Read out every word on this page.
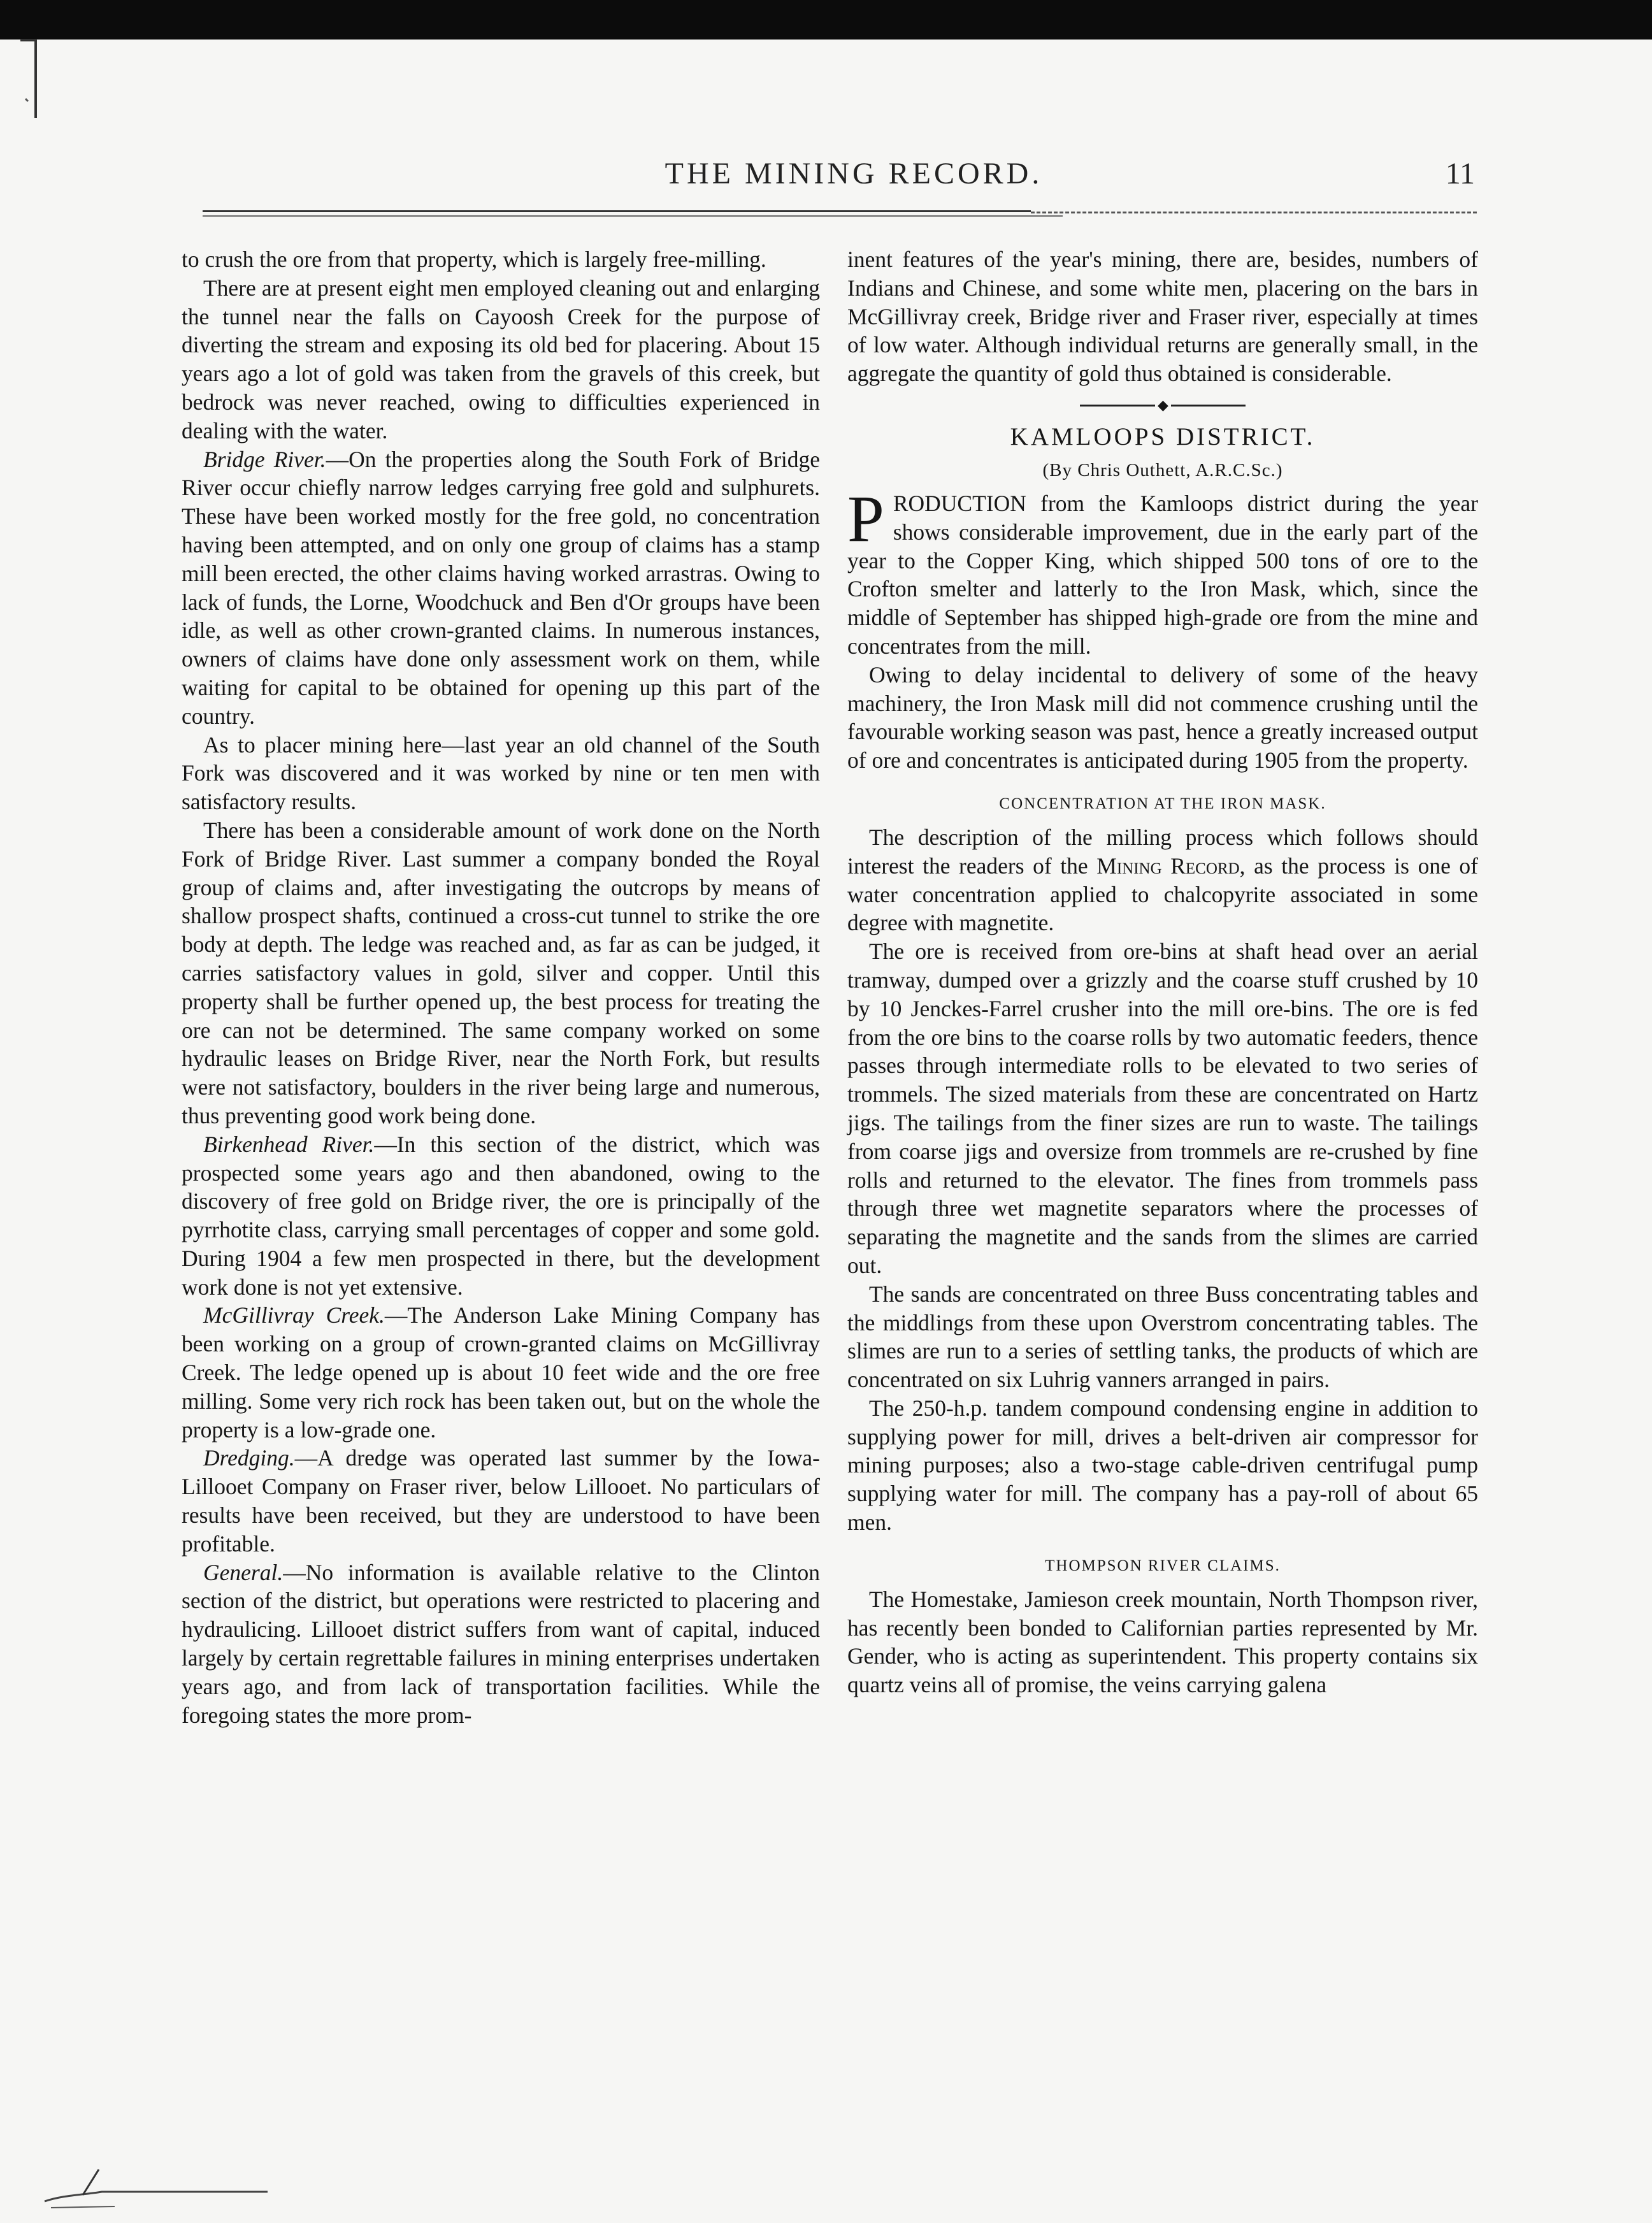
THE MINING RECORD.	11

to crush the ore from that property, which is largely free-milling.

There are at present eight men employed cleaning out and enlarging the tunnel near the falls on Cayoosh Creek for the purpose of diverting the stream and exposing its old bed for placering. About 15 years ago a lot of gold was taken from the gravels of this creek, but bedrock was never reached, owing to difficulties experienced in dealing with the water.

Bridge River.—On the properties along the South Fork of Bridge River occur chiefly narrow ledges carrying free gold and sulphurets. These have been worked mostly for the free gold, no concentration having been attempted, and on only one group of claims has a stamp mill been erected, the other claims having worked arrastras. Owing to lack of funds, the Lorne, Woodchuck and Ben d'Or groups have been idle, as well as other crown-granted claims. In numerous instances, owners of claims have done only assessment work on them, while waiting for capital to be obtained for opening up this part of the country.

As to placer mining here—last year an old channel of the South Fork was discovered and it was worked by nine or ten men with satisfactory results.

There has been a considerable amount of work done on the North Fork of Bridge River. Last summer a company bonded the Royal group of claims and, after investigating the outcrops by means of shallow prospect shafts, continued a cross-cut tunnel to strike the ore body at depth. The ledge was reached and, as far as can be judged, it carries satisfactory values in gold, silver and copper. Until this property shall be further opened up, the best process for treating the ore can not be determined. The same company worked on some hydraulic leases on Bridge River, near the North Fork, but results were not satisfactory, boulders in the river being large and numerous, thus preventing good work being done.

Birkenhead River.—In this section of the district, which was prospected some years ago and then abandoned, owing to the discovery of free gold on Bridge river, the ore is principally of the pyrrhotite class, carrying small percentages of copper and some gold. During 1904 a few men prospected in there, but the development work done is not yet extensive.

McGillivray Creek.—The Anderson Lake Mining Company has been working on a group of crown-granted claims on McGillivray Creek. The ledge opened up is about 10 feet wide and the ore free milling. Some very rich rock has been taken out, but on the whole the property is a low-grade one.

Dredging.—A dredge was operated last summer by the Iowa-Lillooet Company on Fraser river, below Lillooet. No particulars of results have been received, but they are understood to have been profitable.

General.—No information is available relative to the Clinton section of the district, but operations were restricted to placering and hydraulicing. Lillooet district suffers from want of capital, induced largely by certain regrettable failures in mining enterprises undertaken years ago, and from lack of transportation facilities. While the foregoing states the more prom-

inent features of the year's mining, there are, besides, numbers of Indians and Chinese, and some white men, placering on the bars in McGillivray creek, Bridge river and Fraser river, especially at times of low water. Although individual returns are generally small, in the aggregate the quantity of gold thus obtained is considerable.

◆
KAMLOOPS DISTRICT.
(By Chris Outhett, A.R.C.Sc.)

PRODUCTION from the Kamloops district during the year shows considerable improvement, due in the early part of the year to the Copper King, which shipped 500 tons of ore to the Crofton smelter and latterly to the Iron Mask, which, since the middle of September has shipped high-grade ore from the mine and concentrates from the mill.

Owing to delay incidental to delivery of some of the heavy machinery, the Iron Mask mill did not commence crushing until the favourable working season was past, hence a greatly increased output of ore and concentrates is anticipated during 1905 from the property.

CONCENTRATION AT THE IRON MASK.

The description of the milling process which follows should interest the readers of the Mining Record, as the process is one of water concentration applied to chalcopyrite associated in some degree with magnetite.

The ore is received from ore-bins at shaft head over an aerial tramway, dumped over a grizzly and the coarse stuff crushed by 10 by 10 Jenckes-Farrel crusher into the mill ore-bins. The ore is fed from the ore bins to the coarse rolls by two automatic feeders, thence passes through intermediate rolls to be elevated to two series of trommels. The sized materials from these are concentrated on Hartz jigs. The tailings from the finer sizes are run to waste. The tailings from coarse jigs and oversize from trommels are re-crushed by fine rolls and returned to the elevator. The fines from trommels pass through three wet magnetite separators where the processes of separating the magnetite and the sands from the slimes are carried out.

The sands are concentrated on three Buss concentrating tables and the middlings from these upon Overstrom concentrating tables. The slimes are run to a series of settling tanks, the products of which are concentrated on six Luhrig vanners arranged in pairs.

The 250-h.p. tandem compound condensing engine in addition to supplying power for mill, drives a belt-driven air compressor for mining purposes; also a two-stage cable-driven centrifugal pump supplying water for mill. The company has a pay-roll of about 65 men.

THOMPSON RIVER CLAIMS.

The Homestake, Jamieson creek mountain, North Thompson river, has recently been bonded to Californian parties represented by Mr. Gender, who is acting as superintendent. This property contains six quartz veins all of promise, the veins carrying galena
